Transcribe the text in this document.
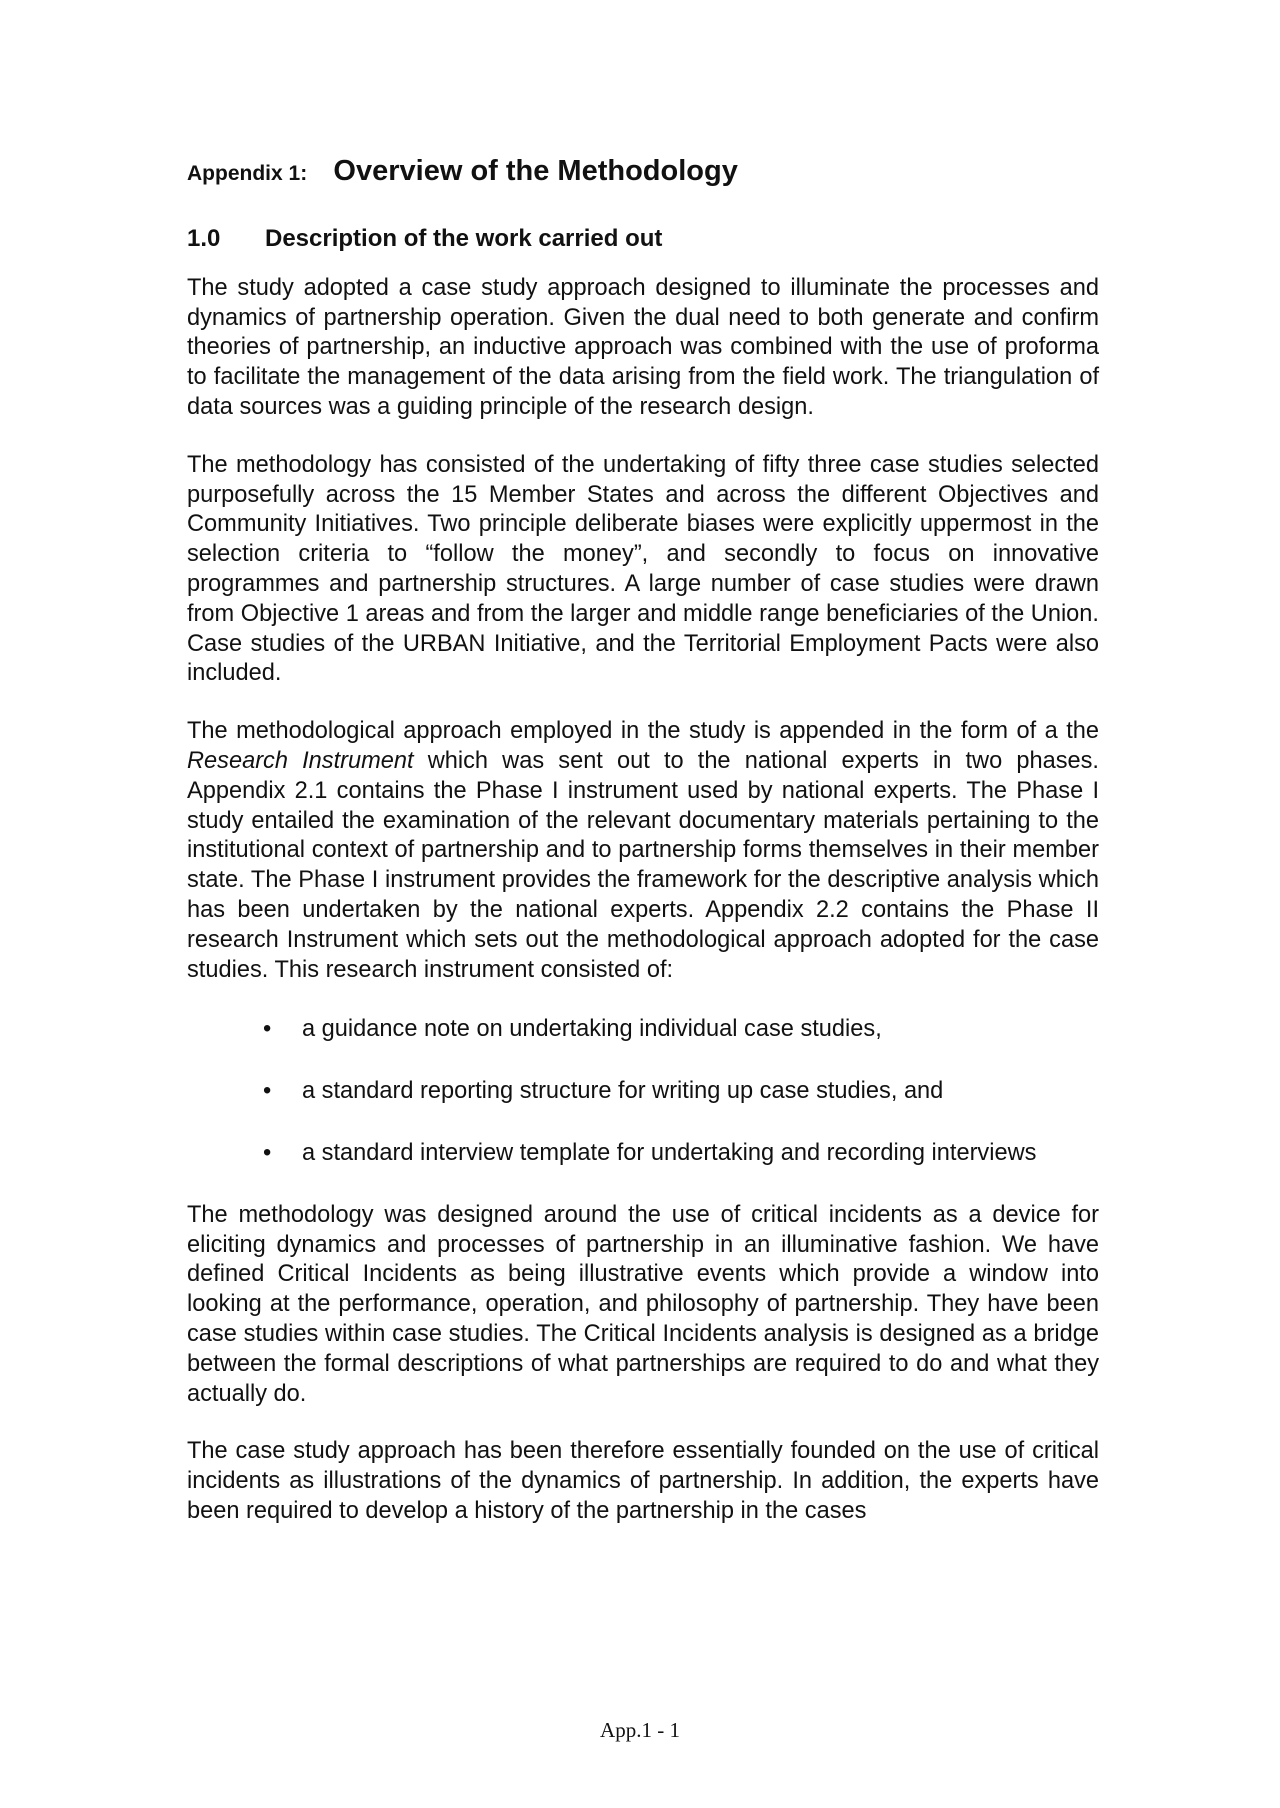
Appendix 1: Overview of the Methodology
1.0	Description of the work carried out

The study adopted a case study approach designed to illuminate the processes and dynamics of partnership operation. Given the dual need to both generate and confirm theories of partnership, an inductive approach was combined with the use of proforma to facilitate the management of the data arising from the field work. The triangulation of data sources was a guiding principle of the research design.

The methodology has consisted of the undertaking of fifty three case studies selected purposefully across the 15 Member States and across the different Objectives and Community Initiatives. Two principle deliberate biases were explicitly uppermost in the selection criteria to “follow the money”, and secondly to focus on innovative programmes and partnership structures. A large number of case studies were drawn from Objective 1 areas and from the larger and middle range beneficiaries of the Union. Case studies of the URBAN Initiative, and the Territorial Employment Pacts were also included.

The methodological approach employed in the study is appended in the form of a the Research Instrument which was sent out to the national experts in two phases. Appendix 2.1 contains the Phase I instrument used by national experts. The Phase I study entailed the examination of the relevant documentary materials pertaining to the institutional context of partnership and to partnership forms themselves in their member state. The Phase I instrument provides the framework for the descriptive analysis which has been undertaken by the national experts. Appendix 2.2 contains the Phase II research Instrument which sets out the methodological approach adopted for the case studies. This research instrument consisted of:

• a guidance note on undertaking individual case studies,
• a standard reporting structure for writing up case studies, and
• a standard interview template for undertaking and recording interviews

The methodology was designed around the use of critical incidents as a device for eliciting dynamics and processes of partnership in an illuminative fashion. We have defined Critical Incidents as being illustrative events which provide a window into looking at the performance, operation, and philosophy of partnership. They have been case studies within case studies. The Critical Incidents analysis is designed as a bridge between the formal descriptions of what partnerships are required to do and what they actually do.

The case study approach has been therefore essentially founded on the use of critical incidents as illustrations of the dynamics of partnership. In addition, the experts have been required to develop a history of the partnership in the cases

App.1 - 1
